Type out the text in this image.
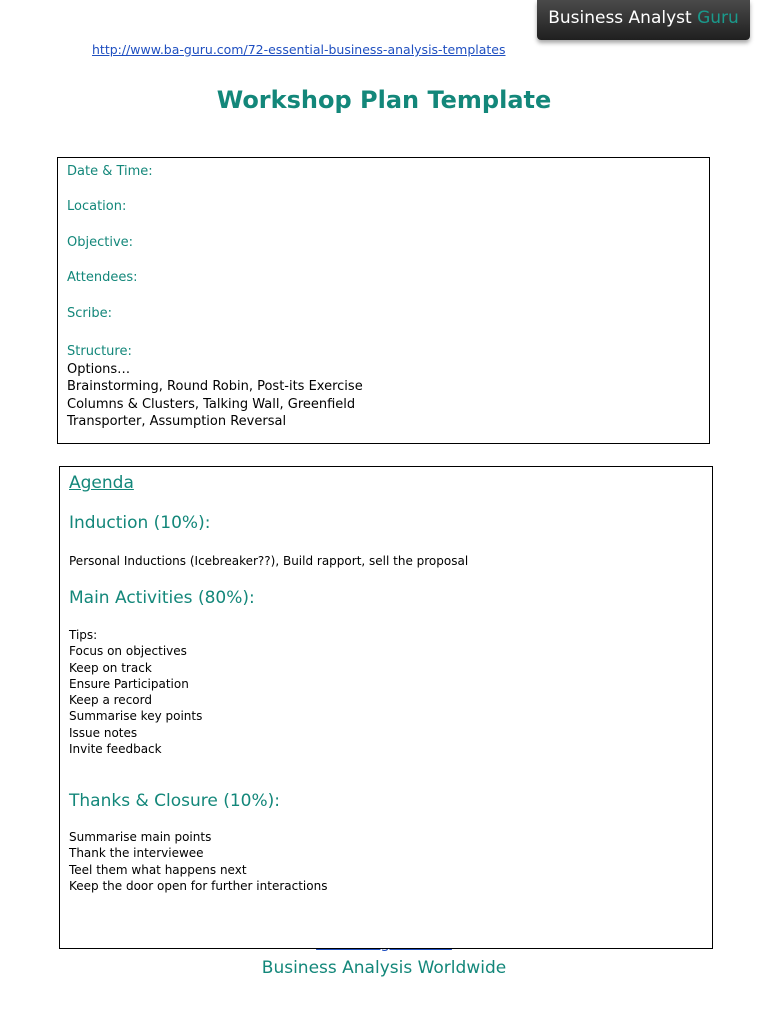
Business Analyst Guru
http://www.ba-guru.com/72-essential-business-analysis-templates
Workshop Plan Template
Date & Time:
Location:
Objective:
Attendees:
Scribe:
Structure:
Options…
Brainstorming, Round Robin, Post-its Exercise
Columns & Clusters, Talking Wall, Greenfield
Transporter, Assumption Reversal
Agenda
Induction (10%):
Personal Inductions (Icebreaker??), Build rapport, sell the proposal
Main Activities (80%):
Tips:
Focus on objectives
Keep on track
Ensure Participation
Keep a record
Summarise key points
Issue notes
Invite feedback
Thanks & Closure (10%):
Summarise main points
Thank the interviewee
Teel them what happens next
Keep the door open for further interactions
Business Analysis Worldwide
